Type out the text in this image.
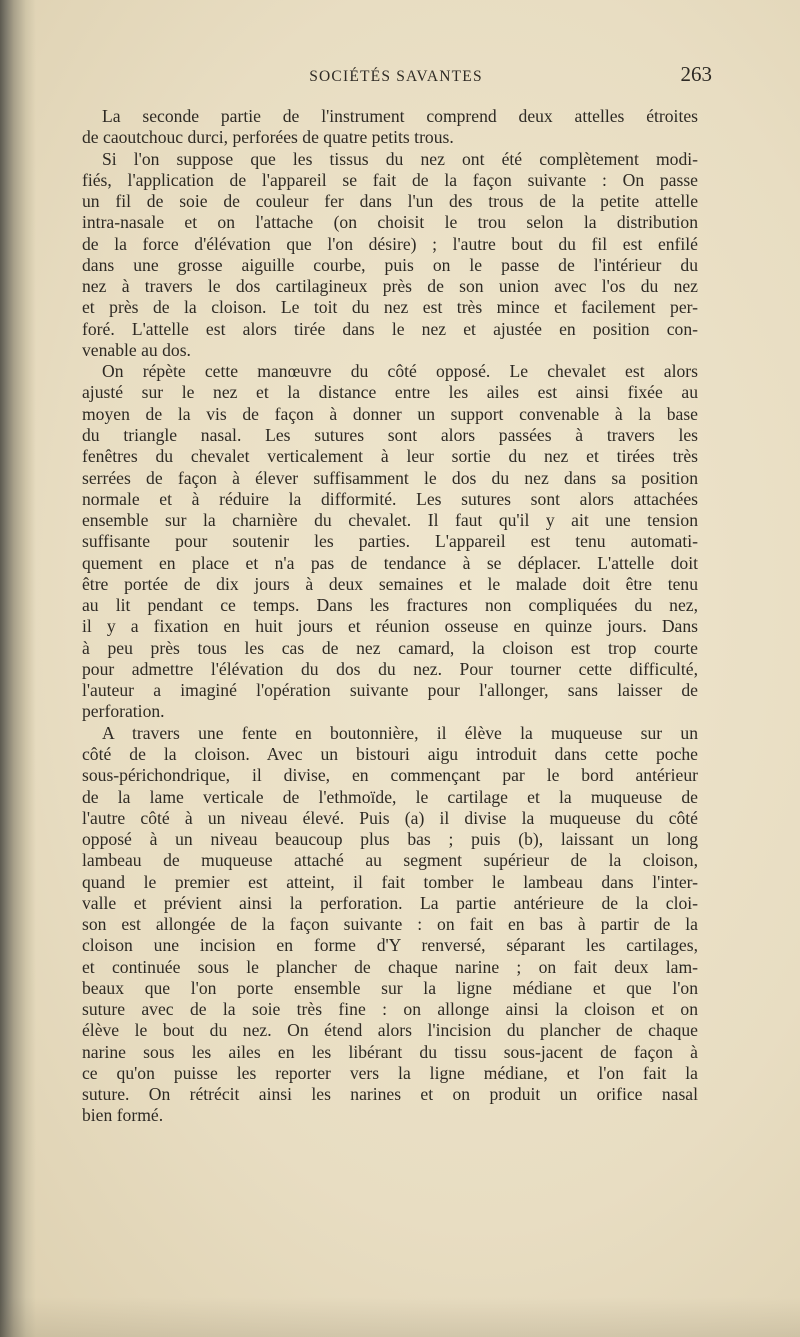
SOCIÉTÉS SAVANTES	263
La seconde partie de l'instrument comprend deux attelles étroites
de caoutchouc durci, perforées de quatre petits trous.
Si l'on suppose que les tissus du nez ont été complètement modi-
fiés, l'application de l'appareil se fait de la façon suivante : On passe
un fil de soie de couleur fer dans l'un des trous de la petite attelle
intra-nasale et on l'attache (on choisit le trou selon la distribution
de la force d'élévation que l'on désire) ; l'autre bout du fil est enfilé
dans une grosse aiguille courbe, puis on le passe de l'intérieur du
nez à travers le dos cartilagineux près de son union avec l'os du nez
et près de la cloison. Le toit du nez est très mince et facilement per-
foré. L'attelle est alors tirée dans le nez et ajustée en position con-
venable au dos.
On répète cette manœuvre du côté opposé. Le chevalet est alors
ajusté sur le nez et la distance entre les ailes est ainsi fixée au
moyen de la vis de façon à donner un support convenable à la base
du triangle nasal. Les sutures sont alors passées à travers les
fenêtres du chevalet verticalement à leur sortie du nez et tirées très
serrées de façon à élever suffisamment le dos du nez dans sa position
normale et à réduire la difformité. Les sutures sont alors attachées
ensemble sur la charnière du chevalet. Il faut qu'il y ait une tension
suffisante pour soutenir les parties. L'appareil est tenu automati-
quement en place et n'a pas de tendance à se déplacer. L'attelle doit
être portée de dix jours à deux semaines et le malade doit être tenu
au lit pendant ce temps. Dans les fractures non compliquées du nez,
il y a fixation en huit jours et réunion osseuse en quinze jours. Dans
à peu près tous les cas de nez camard, la cloison est trop courte
pour admettre l'élévation du dos du nez. Pour tourner cette difficulté,
l'auteur a imaginé l'opération suivante pour l'allonger, sans laisser de
perforation.
A travers une fente en boutonnière, il élève la muqueuse sur un
côté de la cloison. Avec un bistouri aigu introduit dans cette poche
sous-périchondrique, il divise, en commençant par le bord antérieur
de la lame verticale de l'ethmoïde, le cartilage et la muqueuse de
l'autre côté à un niveau élevé. Puis (a) il divise la muqueuse du côté
opposé à un niveau beaucoup plus bas ; puis (b), laissant un long
lambeau de muqueuse attaché au segment supérieur de la cloison,
quand le premier est atteint, il fait tomber le lambeau dans l'inter-
valle et prévient ainsi la perforation. La partie antérieure de la cloi-
son est allongée de la façon suivante : on fait en bas à partir de la
cloison une incision en forme d'Y renversé, séparant les cartilages,
et continuée sous le plancher de chaque narine ; on fait deux lam-
beaux que l'on porte ensemble sur la ligne médiane et que l'on
suture avec de la soie très fine : on allonge ainsi la cloison et on
élève le bout du nez. On étend alors l'incision du plancher de chaque
narine sous les ailes en les libérant du tissu sous-jacent de façon à
ce qu'on puisse les reporter vers la ligne médiane, et l'on fait la
suture. On rétrécit ainsi les narines et on produit un orifice nasal
bien formé.
